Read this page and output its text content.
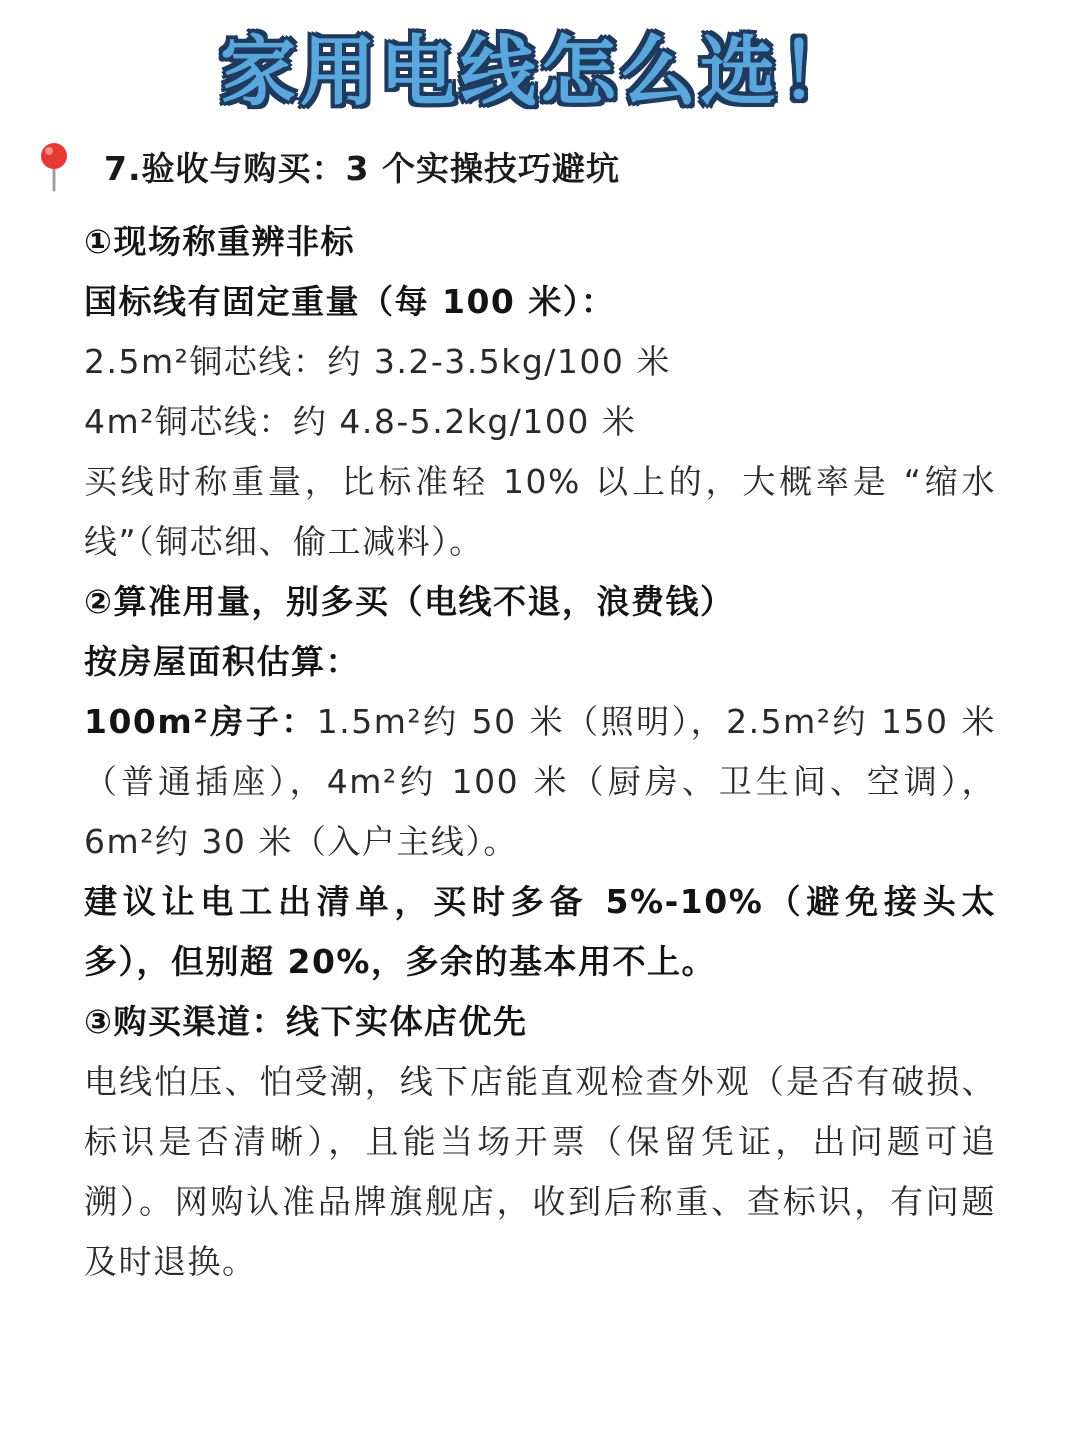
家用电线怎么选！
7.验收与购买：3 个实操技巧避坑
①现场称重辨非标
国标线有固定重量（每 100 米）：
2.5m²铜芯线：约 3.2-3.5kg/100 米
4m²铜芯线：约 4.8-5.2kg/100 米
买线时称重量，比标准轻 10% 以上的，大概率是 “缩水线”（铜芯细、偷工减料）。
②算准用量，别多买（电线不退，浪费钱）
按房屋面积估算：
100m²房子：1.5m²约 50 米（照明），2.5m²约 150 米（普通插座），4m²约 100 米（厨房、卫生间、空调），6m²约 30 米（入户主线）。
建议让电工出清单，买时多备 5%-10%（避免接头太多），但别超 20%，多余的基本用不上。
③购买渠道：线下实体店优先
电线怕压、怕受潮，线下店能直观检查外观（是否有破损、标识是否清晰），且能当场开票（保留凭证，出问题可追溯）。网购认准品牌旗舰店，收到后称重、查标识，有问题及时退换。
